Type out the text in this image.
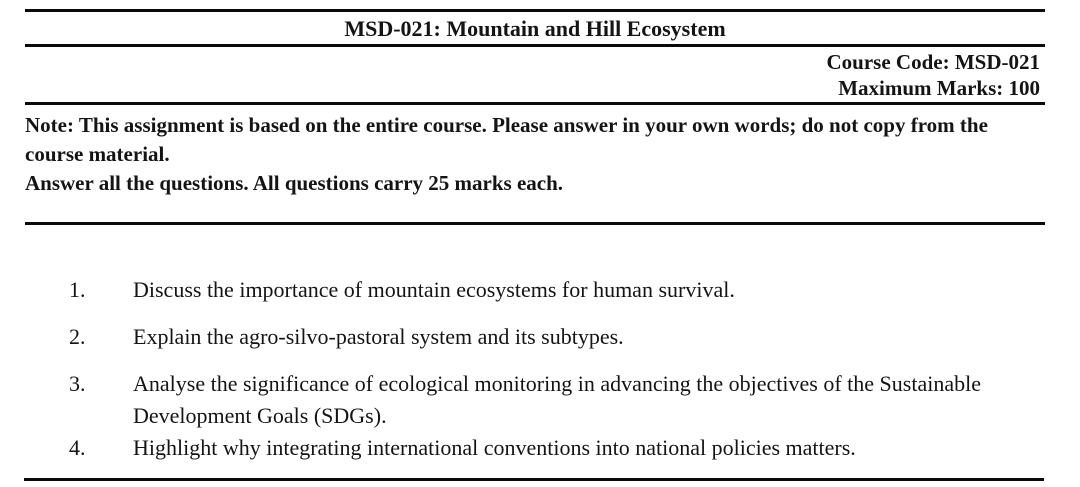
MSD-021: Mountain and Hill Ecosystem
Course Code: MSD-021
Maximum Marks: 100

Note: This assignment is based on the entire course. Please answer in your own words; do not copy from the course material.

Answer all the questions. All questions carry 25 marks each.

1.	Discuss the importance of mountain ecosystems for human survival.
2.	Explain the agro-silvo-pastoral system and its subtypes.
3.	Analyse the significance of ecological monitoring in advancing the objectives of the Sustainable Development Goals (SDGs).
4.	Highlight why integrating international conventions into national policies matters.
